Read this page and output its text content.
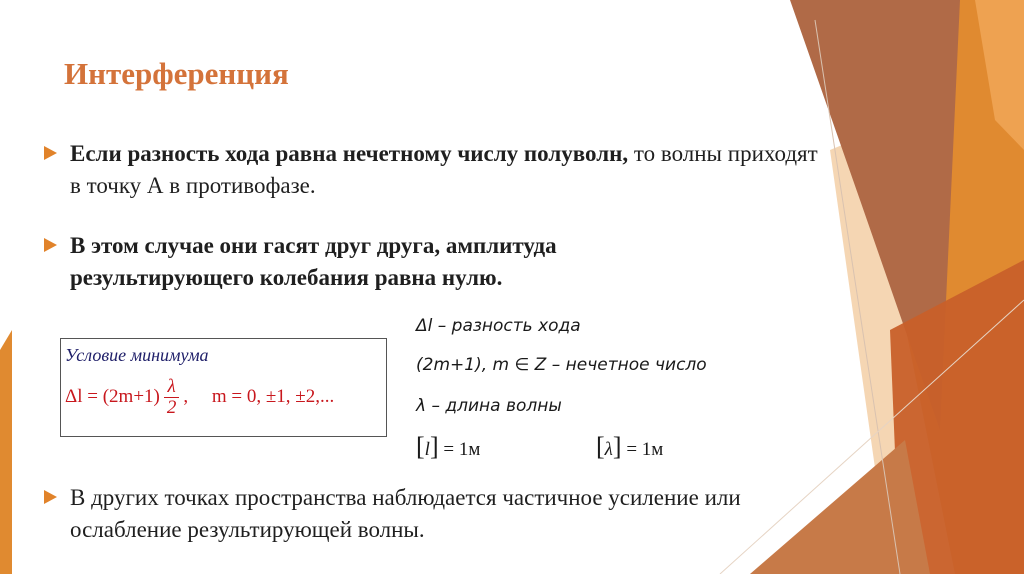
Интерференция
Если разность хода равна нечетному числу полуволн, то волны приходят в точку А в противофазе.
В этом случае они гасят друг друга, амплитуда результирующего колебания равна нулю.
Условие минимума
$\Delta l = (2m+1) \frac{\lambda}{2}$ ,     m = 0, ±1, ±2,...
Δl – разность хода
(2m+1), m ∈ Z – нечетное число
λ – длина волны
[l] = 1м	[λ] = 1м
В других точках пространства наблюдается частичное усиление или ослабление результирующей волны.
